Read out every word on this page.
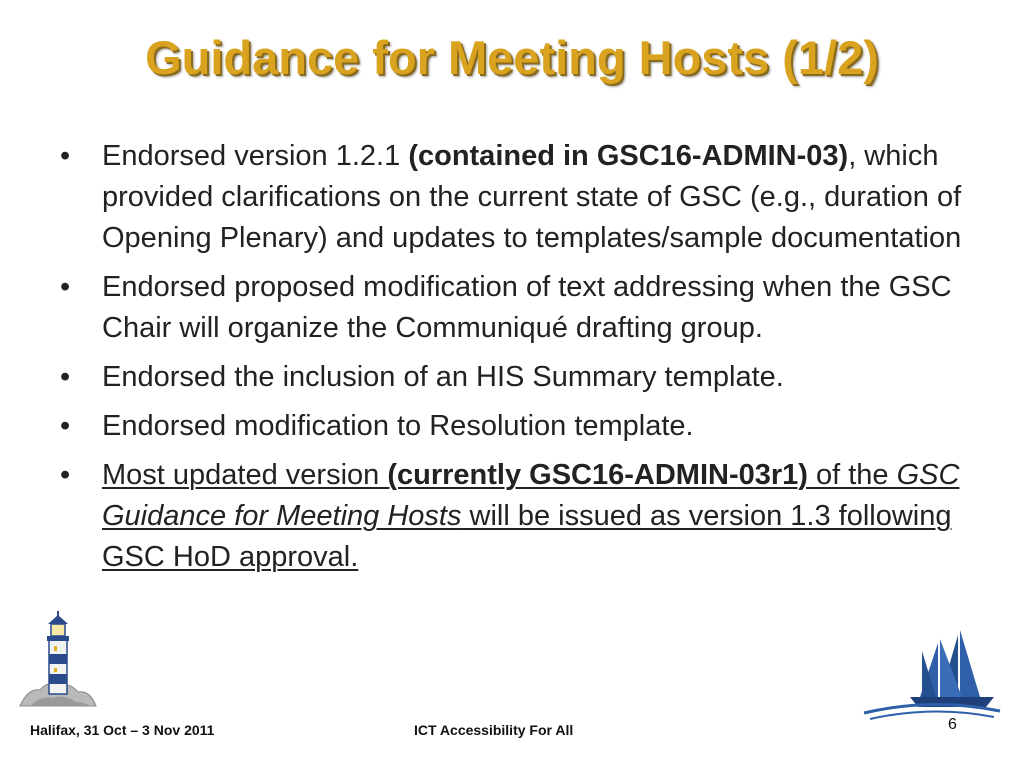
Guidance for Meeting Hosts (1/2)
•	Endorsed version 1.2.1 (contained in GSC16-ADMIN-03), which provided clarifications on the current state of GSC (e.g., duration of Opening Plenary) and updates to templates/sample documentation
•	Endorsed proposed modification of text addressing when the GSC Chair will organize the Communiqué drafting group.
•	Endorsed the inclusion of an HIS Summary template.
•	Endorsed modification to Resolution template.
•	Most updated version (currently GSC16-ADMIN-03r1) of the GSC Guidance for Meeting Hosts will be issued as version 1.3 following GSC HoD approval.
Halifax, 31 Oct – 3 Nov 2011	ICT Accessibility For All	6
